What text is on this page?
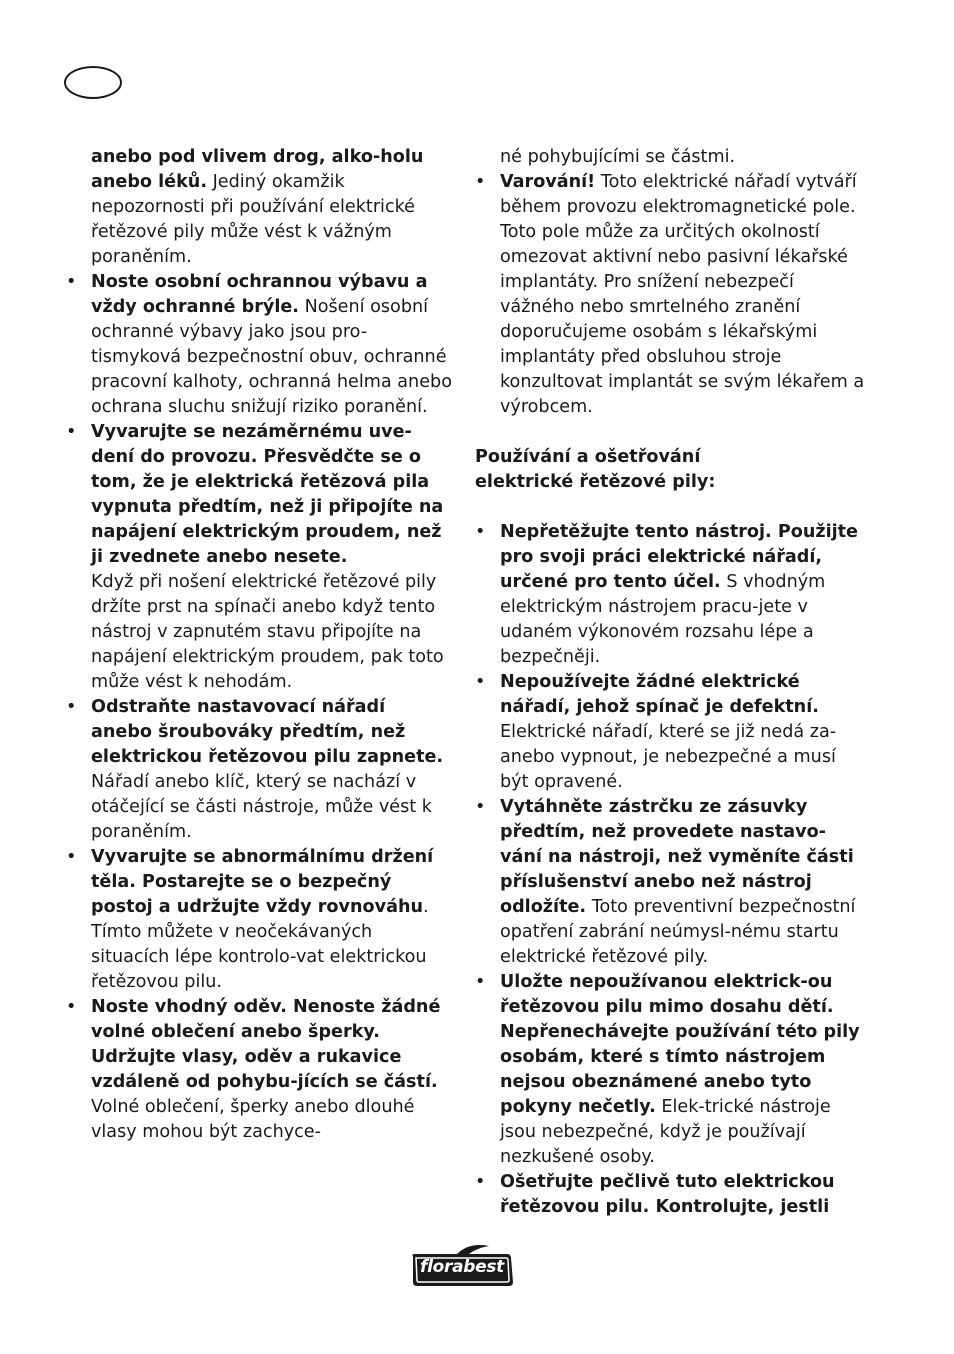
anebo pod vlivem drog, alko-holu anebo léků. Jediný okamžik nepozornosti při používání elektrické řetězové pily může vést k vážným poraněním.

• Noste osobní ochrannou výbavu a vždy ochranné brýle. Nošení osobní ochranné výbavy jako jsou pro-tismyková bezpečnostní obuv, ochranné pracovní kalhoty, ochranná helma anebo ochrana sluchu snižují riziko poranění.

• Vyvarujte se nezáměrnému uve-dení do provozu. Přesvědčte se o tom, že je elektrická řetězová pila vypnuta předtím, než ji připojíte na napájení elektrickým proudem, než ji zvednete anebo nesete.

Když při nošení elektrické řetězové pily držíte prst na spínači anebo když tento nástroj v zapnutém stavu připojíte na napájení elektrickým proudem, pak toto může vést k nehodám.

• Odstraňte nastavovací nářadí anebo šroubováky předtím, než elektrickou řetězovou pilu zapnete. Nářadí anebo klíč, který se nachází v otáčející se části nástroje, může vést k poraněním.

• Vyvarujte se abnormálnímu držení těla. Postarejte se o bezpečný postoj a udržujte vždy rovnováhu. Tímto můžete v neočekávaných situacích lépe kontrolo-vat elektrickou řetězovou pilu.

• Noste vhodný oděv. Nenoste žádné volné oblečení anebo šperky. Udržujte vlasy, oděv a rukavice vzdáleně od pohybu-jících se částí. Volné oblečení, šperky anebo dlouhé vlasy mohou být zachyce-

né pohybujícími se částmi.

• Varování! Toto elektrické nářadí vytváří během provozu elektromagnetické pole. Toto pole může za určitých okolností omezovat aktivní nebo pasivní lékařské implantáty. Pro snížení nebezpečí vážného nebo smrtelného zranění doporučujeme osobám s lékařskými implantáty před obsluhou stroje konzultovat implantát se svým lékařem a výrobcem.

Používání a ošetřování
elektrické řetězové pily:

• Nepřetěžujte tento nástroj. Použijte pro svoji práci elektrické nářadí, určené pro tento účel. S vhodným elektrickým nástrojem pracu-jete v udaném výkonovém rozsahu lépe a bezpečněji.

• Nepoužívejte žádné elektrické nářadí, jehož spínač je defektní. Elektrické nářadí, které se již nedá za-anebo vypnout, je nebezpečné a musí být opravené.

• Vytáhněte zástrčku ze zásuvky předtím, než provedete nastavo-vání na nástroji, než vyměníte části příslušenství anebo než nástroj odložíte. Toto preventivní bezpečnostní opatření zabrání neúmysl-nému startu elektrické řetězové pily.

• Uložte nepoužívanou elektrick-ou řetězovou pilu mimo dosahu dětí. Nepřenechávejte používání této pily osobám, které s tímto nástrojem nejsou obeznámené anebo tyto pokyny nečetly. Elek-trické nástroje jsou nebezpečné, když je používají nezkušené osoby.

• Ošetřujte pečlivě tuto elektrickou řetězovou pilu. Kontrolujte, jestli

florabest
